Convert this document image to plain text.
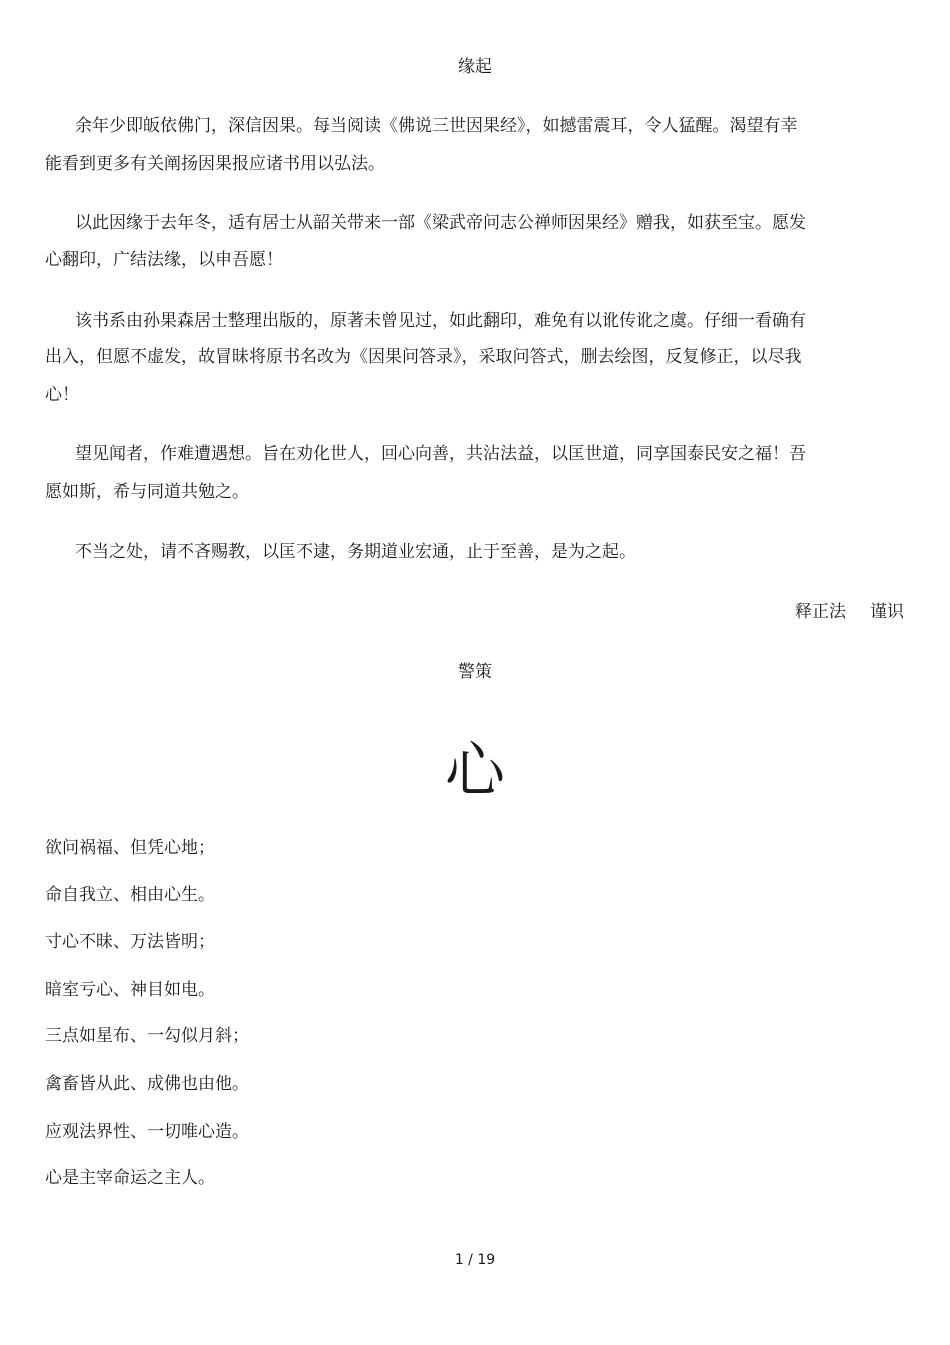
缘起
余年少即皈依佛门，深信因果。每当阅读《佛说三世因果经》，如撼雷震耳，令人猛醒。渴望有幸
能看到更多有关阐扬因果报应诸书用以弘法。
以此因缘于去年冬，适有居士从韶关带来一部《梁武帝问志公禅师因果经》赠我，如获至宝。愿发
心翻印，广结法缘，以申吾愿！
该书系由孙果森居士整理出版的，原著未曾见过，如此翻印，难免有以讹传讹之虞。仔细一看确有
出入，但愿不虚发，故冒昧将原书名改为《因果问答录》，采取问答式，删去绘图，反复修正，以尽我
心！
望见闻者，作难遭遇想。旨在劝化世人，回心向善，共沾法益，以匡世道，同享国泰民安之福！吾
愿如斯，希与同道共勉之。
不当之处，请不吝赐教，以匡不逮，务期道业宏通，止于至善，是为之起。
释正法 谨识
警策
心
欲问祸福、但凭心地；
命自我立、相由心生。
寸心不昧、万法皆明；
暗室亏心、神目如电。
三点如星布、一勾似月斜；
禽畜皆从此、成佛也由他。
应观法界性、一切唯心造。
心是主宰命运之主人。
1 / 19
